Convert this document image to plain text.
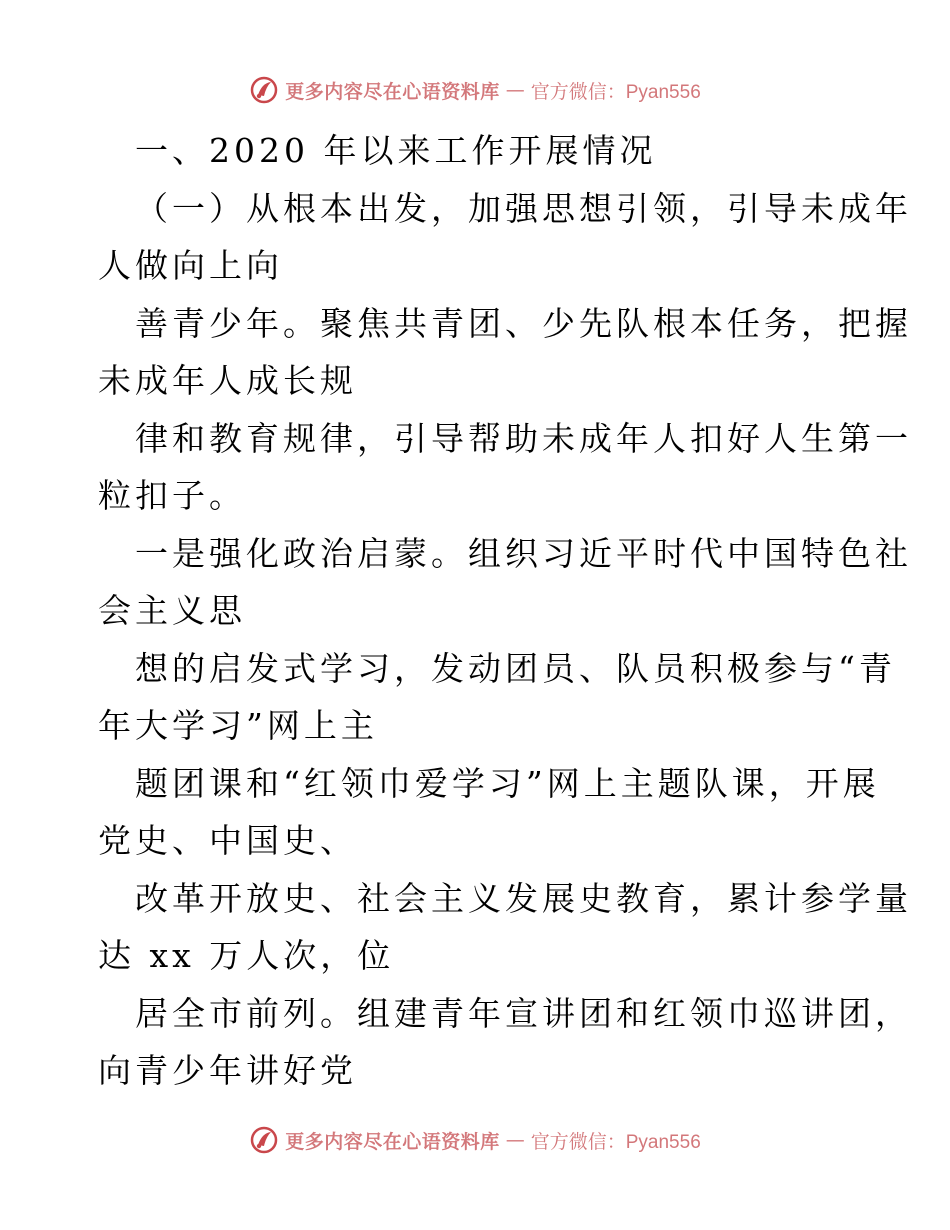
更多内容尽在心语资料库 — 官方微信：Pyan556
一、2020 年以来工作开展情况
（一）从根本出发，加强思想引领，引导未成年
人做向上向
善青少年。聚焦共青团、少先队根本任务，把握
未成年人成长规
律和教育规律，引导帮助未成年人扣好人生第一
粒扣子。
一是强化政治启蒙。组织习近平时代中国特色社
会主义思
想的启发式学习，发动团员、队员积极参与“青
年大学习”网上主
题团课和“红领巾爱学习”网上主题队课，开展
党史、中国史、
改革开放史、社会主义发展史教育，累计参学量
达 xx 万人次，位
居全市前列。组建青年宣讲团和红领巾巡讲团，
向青少年讲好党
更多内容尽在心语资料库 — 官方微信：Pyan556
